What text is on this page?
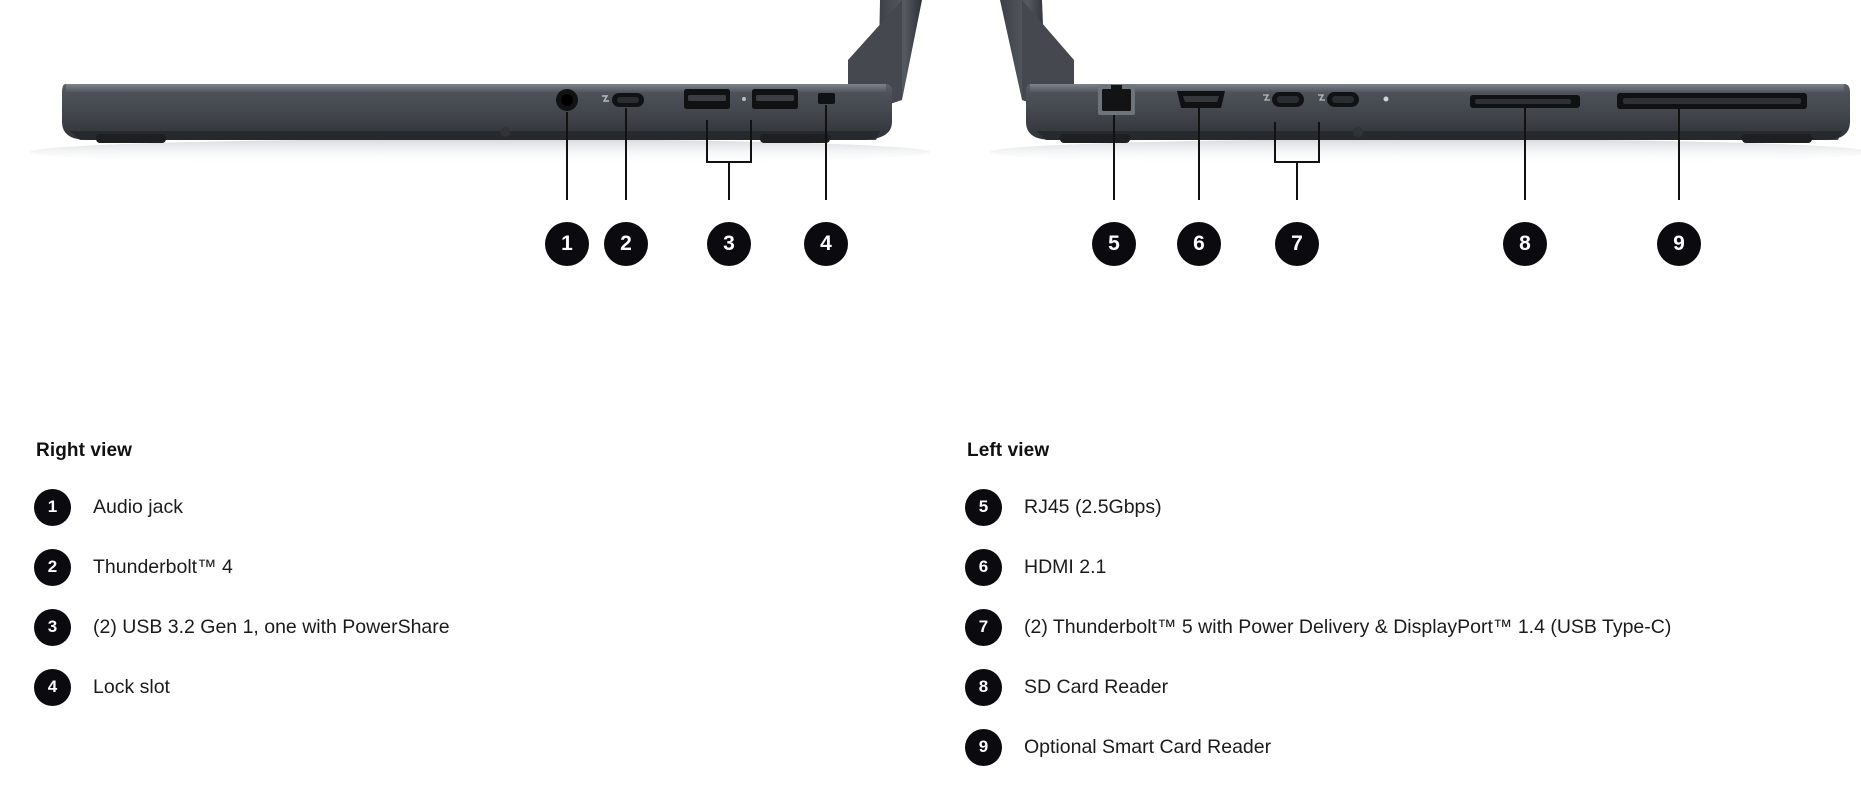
1	2	3	4	5	6	7	8	9
Right view
1	Audio jack
2	Thunderbolt™ 4
3	(2) USB 3.2 Gen 1, one with PowerShare
4	Lock slot
Left view
5	RJ45 (2.5Gbps)
6	HDMI 2.1
7	(2) Thunderbolt™ 5 with Power Delivery & DisplayPort™ 1.4 (USB Type-C)
8	SD Card Reader
9	Optional Smart Card Reader
